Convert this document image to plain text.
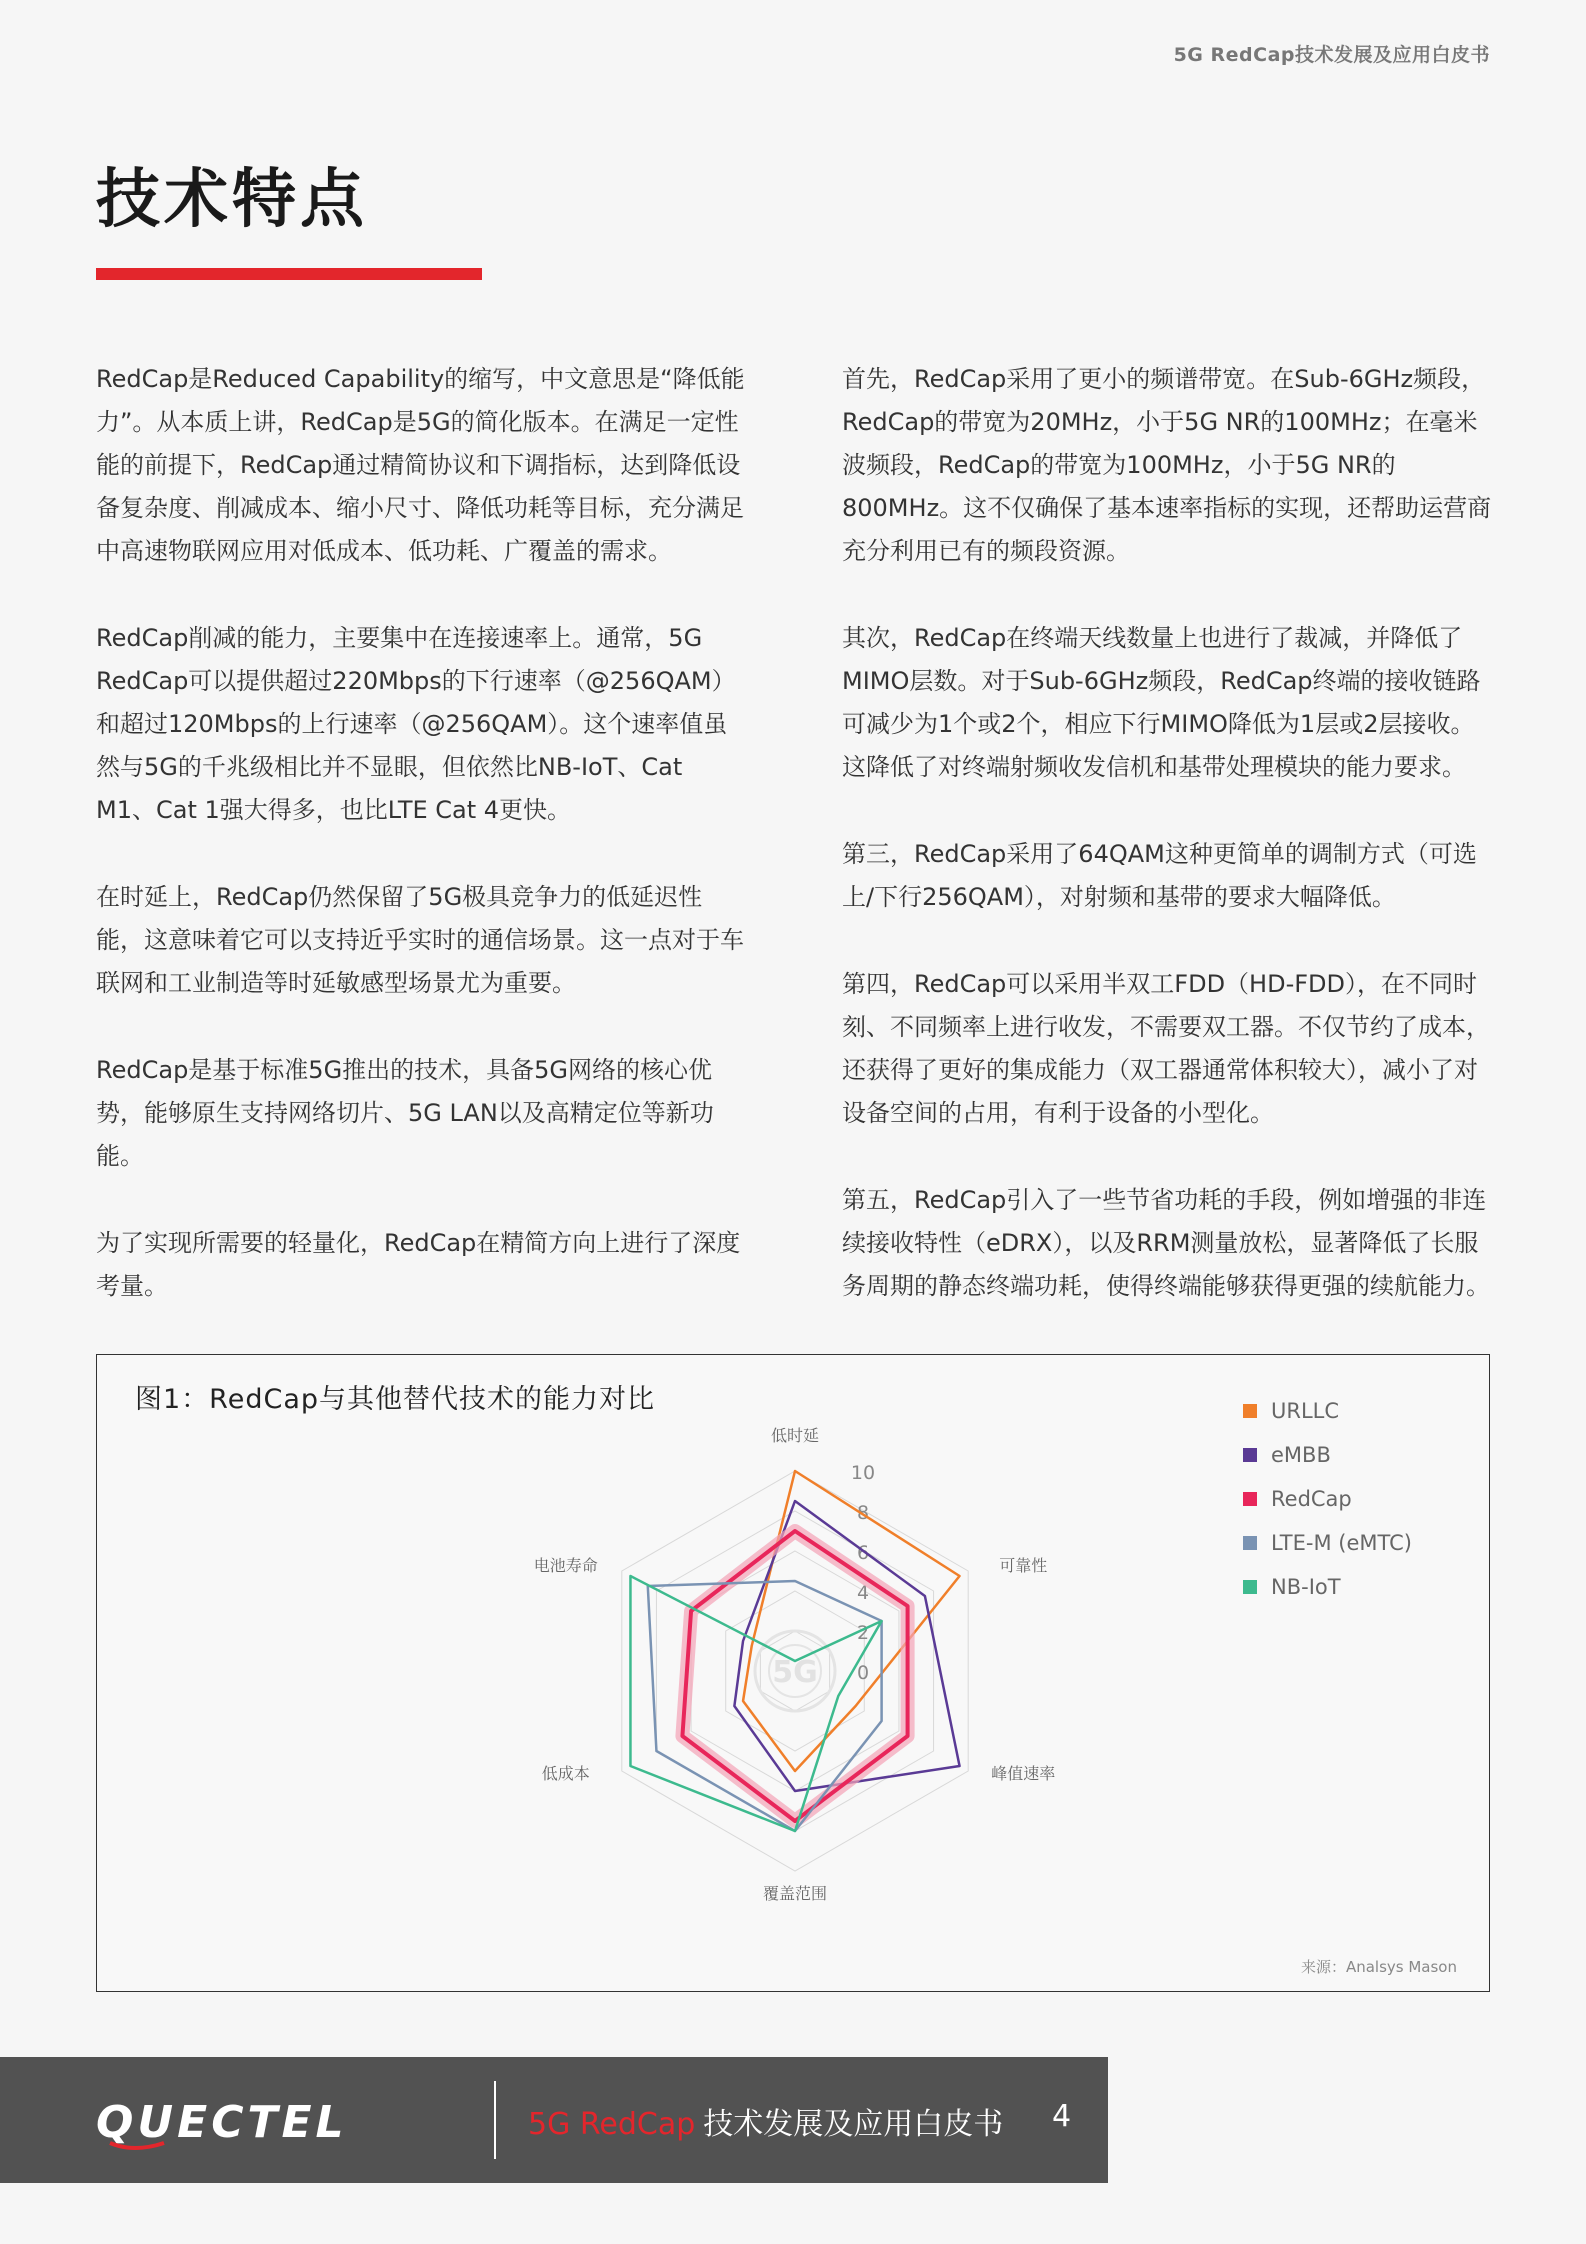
5G RedCap技术发展及应用白皮书
技术特点

RedCap是Reduced Capability的缩写，中文意思是“降低能力”。从本质上讲，RedCap是5G的简化版本。在满足一定性能的前提下，RedCap通过精简协议和下调指标，达到降低设备复杂度、削减成本、缩小尺寸、降低功耗等目标，充分满足中高速物联网应用对低成本、低功耗、广覆盖的需求。

RedCap削减的能力，主要集中在连接速率上。通常，5G RedCap可以提供超过220Mbps的下行速率（@256QAM）和超过120Mbps的上行速率（@256QAM）。这个速率值虽然与5G的千兆级相比并不显眼，但依然比NB-IoT、Cat M1、Cat 1强大得多，也比LTE Cat 4更快。

在时延上，RedCap仍然保留了5G极具竞争力的低延迟性能，这意味着它可以支持近乎实时的通信场景。这一点对于车联网和工业制造等时延敏感型场景尤为重要。

RedCap是基于标准5G推出的技术，具备5G网络的核心优势，能够原生支持网络切片、5G LAN以及高精定位等新功能。

为了实现所需要的轻量化，RedCap在精简方向上进行了深度考量。

首先，RedCap采用了更小的频谱带宽。在Sub-6GHz频段，RedCap的带宽为20MHz，小于5G NR的100MHz；在毫米波频段，RedCap的带宽为100MHz，小于5G NR的800MHz。这不仅确保了基本速率指标的实现，还帮助运营商充分利用已有的频段资源。

其次，RedCap在终端天线数量上也进行了裁减，并降低了MIMO层数。对于Sub-6GHz频段，RedCap终端的接收链路可减少为1个或2个，相应下行MIMO降低为1层或2层接收。这降低了对终端射频收发信机和基带处理模块的能力要求。

第三，RedCap采用了64QAM这种更简单的调制方式（可选上/下行256QAM），对射频和基带的要求大幅降低。

第四，RedCap可以采用半双工FDD（HD-FDD），在不同时刻、不同频率上进行收发，不需要双工器。不仅节约了成本，还获得了更好的集成能力（双工器通常体积较大），减小了对设备空间的占用，有利于设备的小型化。

第五，RedCap引入了一些节省功耗的手段，例如增强的非连续接收特性（eDRX），以及RRM测量放松，显著降低了长服务周期的静态终端功耗，使得终端能够获得更强的续航能力。

5G 0
2
4
6
8
10
低时延
可靠性
峰值速率
覆盖范围
低成本
电池寿命
图1：RedCap与其他替代技术的能力对比	URLLC
eMBB
RedCap
LTE-M (eMTC)
NB-IoT
来源：Analsys Mason
QUECTEL	5G RedCap 技术发展及应用白皮书 4
